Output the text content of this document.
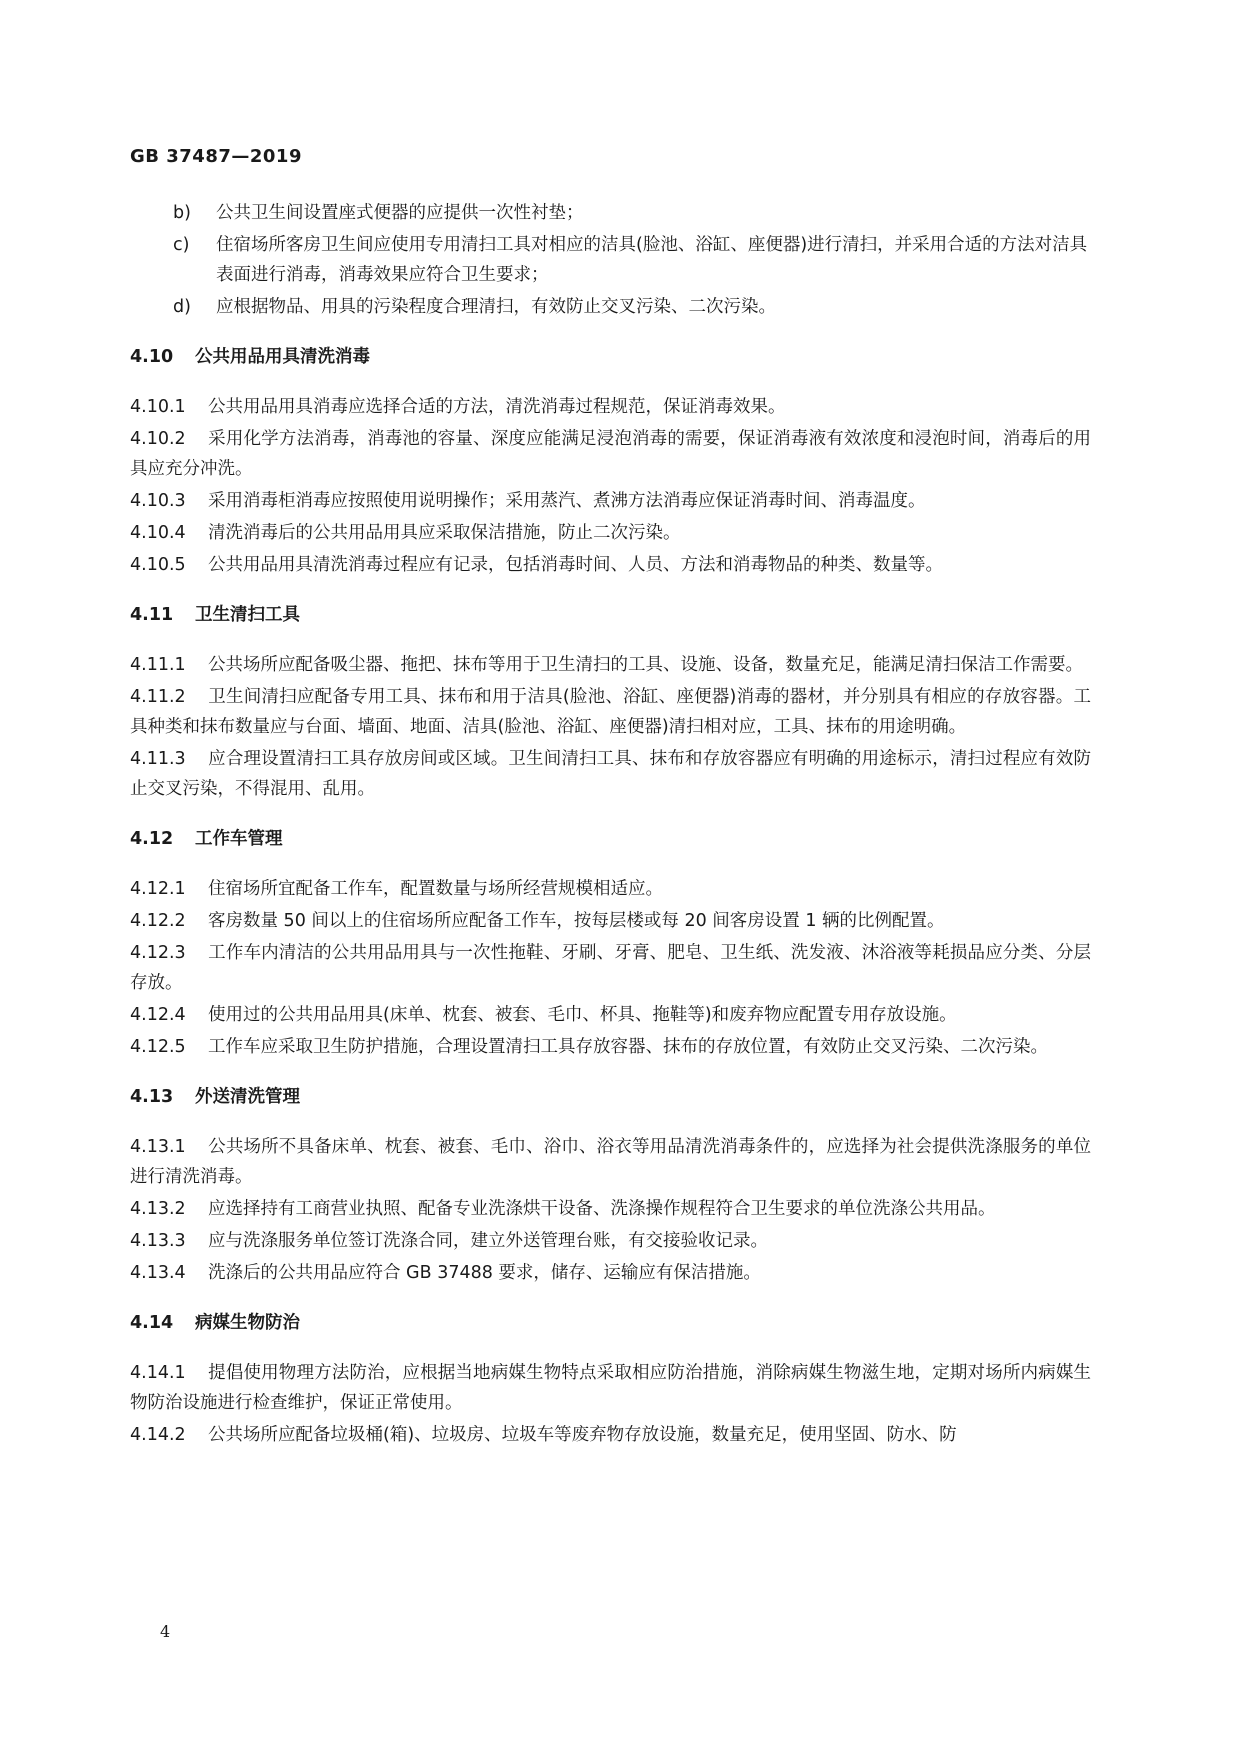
GB 37487—2019
b)	公共卫生间设置座式便器的应提供一次性衬垫；
c)	住宿场所客房卫生间应使用专用清扫工具对相应的洁具(脸池、浴缸、座便器)进行清扫，并采用合适的方法对洁具表面进行消毒，消毒效果应符合卫生要求；
d)	应根据物品、用具的污染程度合理清扫，有效防止交叉污染、二次污染。
4.10 公共用品用具清洗消毒
4.10.1 公共用品用具消毒应选择合适的方法，清洗消毒过程规范，保证消毒效果。
4.10.2 采用化学方法消毒，消毒池的容量、深度应能满足浸泡消毒的需要，保证消毒液有效浓度和浸泡时间，消毒后的用具应充分冲洗。
4.10.3 采用消毒柜消毒应按照使用说明操作；采用蒸汽、煮沸方法消毒应保证消毒时间、消毒温度。
4.10.4 清洗消毒后的公共用品用具应采取保洁措施，防止二次污染。
4.10.5 公共用品用具清洗消毒过程应有记录，包括消毒时间、人员、方法和消毒物品的种类、数量等。
4.11 卫生清扫工具
4.11.1 公共场所应配备吸尘器、拖把、抹布等用于卫生清扫的工具、设施、设备，数量充足，能满足清扫保洁工作需要。
4.11.2 卫生间清扫应配备专用工具、抹布和用于洁具(脸池、浴缸、座便器)消毒的器材，并分别具有相应的存放容器。工具种类和抹布数量应与台面、墙面、地面、洁具(脸池、浴缸、座便器)清扫相对应，工具、抹布的用途明确。
4.11.3 应合理设置清扫工具存放房间或区域。卫生间清扫工具、抹布和存放容器应有明确的用途标示，清扫过程应有效防止交叉污染，不得混用、乱用。
4.12 工作车管理
4.12.1 住宿场所宜配备工作车，配置数量与场所经营规模相适应。
4.12.2 客房数量 50 间以上的住宿场所应配备工作车，按每层楼或每 20 间客房设置 1 辆的比例配置。
4.12.3 工作车内清洁的公共用品用具与一次性拖鞋、牙刷、牙膏、肥皂、卫生纸、洗发液、沐浴液等耗损品应分类、分层存放。
4.12.4 使用过的公共用品用具(床单、枕套、被套、毛巾、杯具、拖鞋等)和废弃物应配置专用存放设施。
4.12.5 工作车应采取卫生防护措施，合理设置清扫工具存放容器、抹布的存放位置，有效防止交叉污染、二次污染。
4.13 外送清洗管理
4.13.1 公共场所不具备床单、枕套、被套、毛巾、浴巾、浴衣等用品清洗消毒条件的，应选择为社会提供洗涤服务的单位进行清洗消毒。
4.13.2 应选择持有工商营业执照、配备专业洗涤烘干设备、洗涤操作规程符合卫生要求的单位洗涤公共用品。
4.13.3 应与洗涤服务单位签订洗涤合同，建立外送管理台账，有交接验收记录。
4.13.4 洗涤后的公共用品应符合 GB 37488 要求，储存、运输应有保洁措施。
4.14 病媒生物防治
4.14.1 提倡使用物理方法防治，应根据当地病媒生物特点采取相应防治措施，消除病媒生物滋生地，定期对场所内病媒生物防治设施进行检查维护，保证正常使用。
4.14.2 公共场所应配备垃圾桶(箱)、垃圾房、垃圾车等废弃物存放设施，数量充足，使用坚固、防水、防
4
